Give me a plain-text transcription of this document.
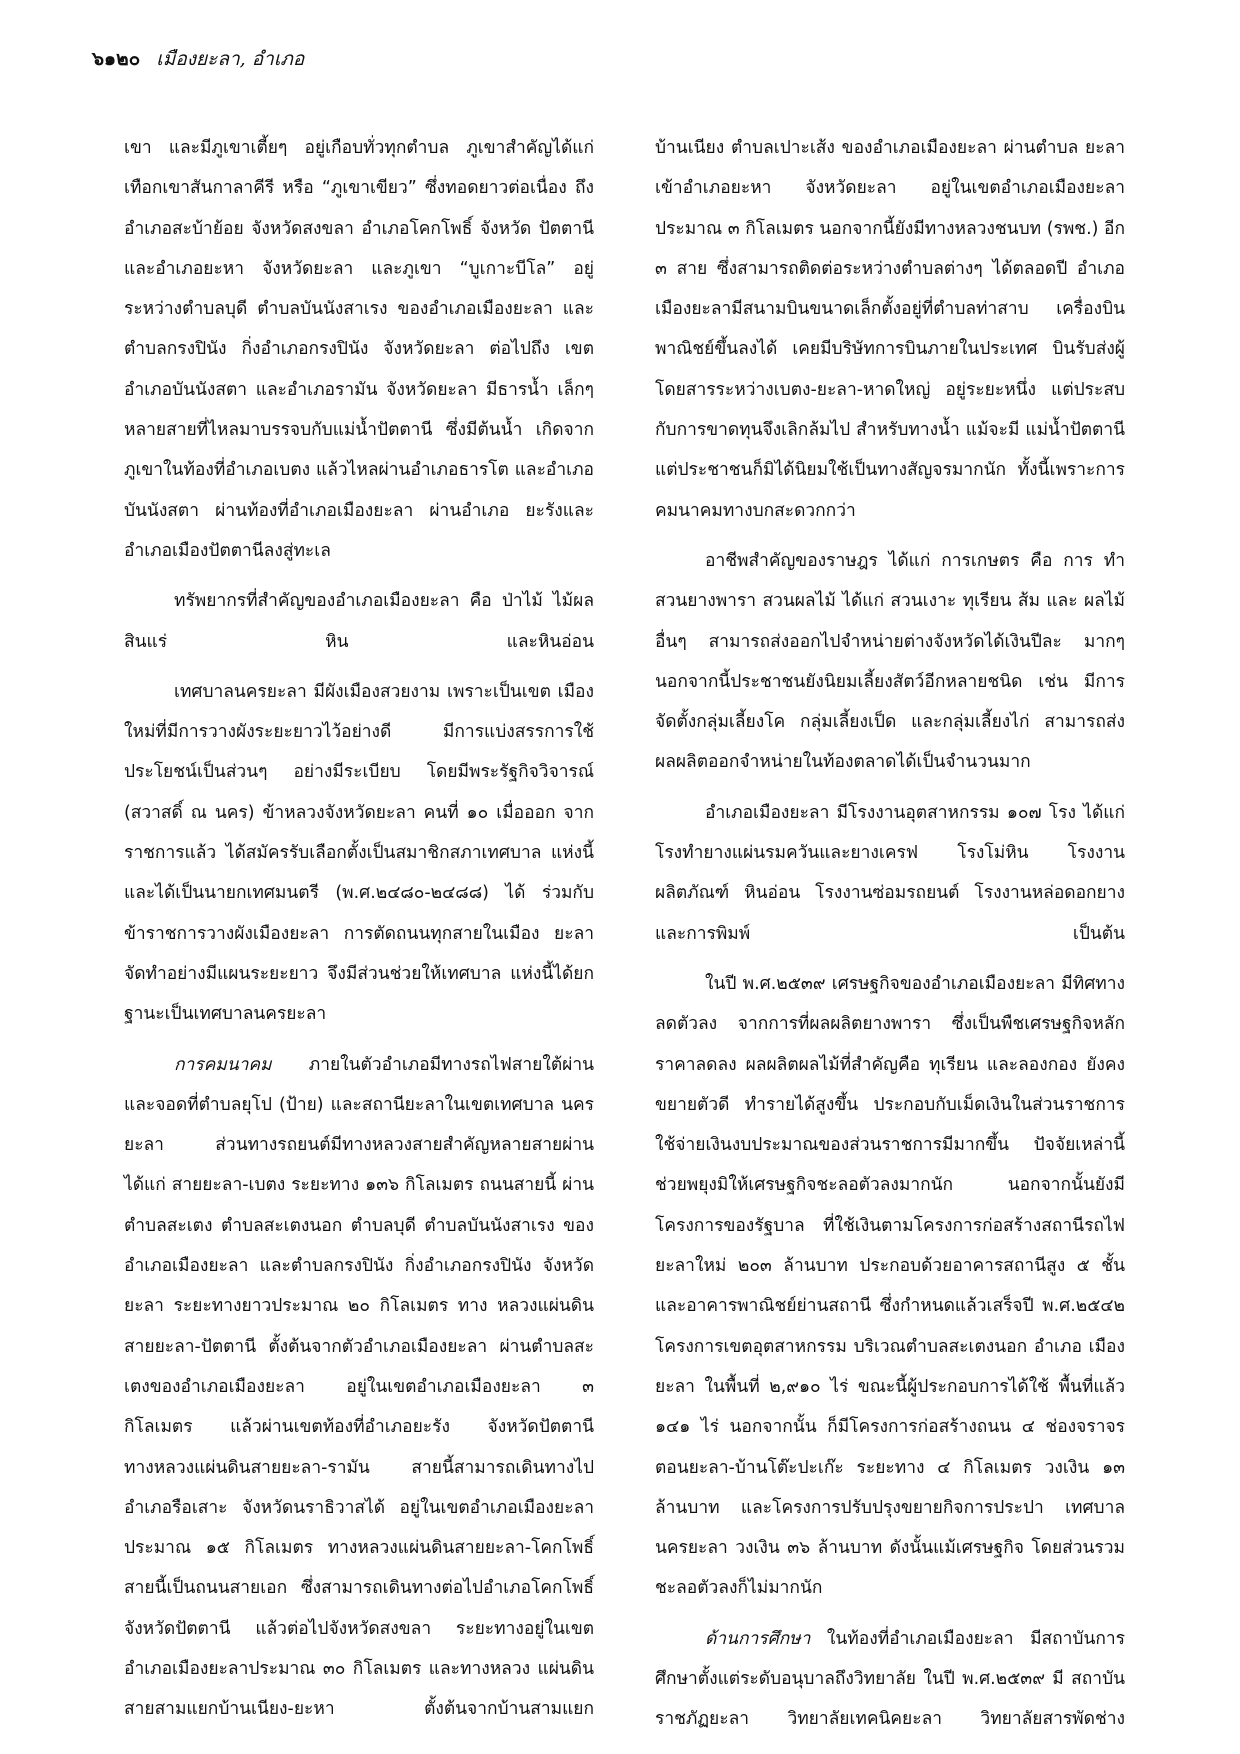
๖๑๒๐ เมืองยะลา, อำเภอ

เขา และมีภูเขาเตี้ยๆ อยู่เกือบทั่วทุกตำบล ภูเขาสำคัญได้แก่ เทือกเขาสันกาลาคีรี หรือ “ภูเขาเขียว” ซึ่งทอดยาวต่อเนื่อง ถึงอำเภอสะบ้าย้อย จังหวัดสงขลา อำเภอโคกโพธิ์ จังหวัด ปัตตานี และอำเภอยะหา จังหวัดยะลา และภูเขา “บูเกาะบีโล” อยู่ระหว่างตำบลบุดี ตำบลบันนังสาเรง ของอำเภอเมืองยะลา และตำบลกรงปินัง กิ่งอำเภอกรงปินัง จังหวัดยะลา ต่อไปถึง เขตอำเภอบันนังสตา และอำเภอรามัน จังหวัดยะลา มีธารน้ำ เล็กๆ หลายสายที่ไหลมาบรรจบกับแม่น้ำปัตตานี ซึ่งมีต้นน้ำ เกิดจากภูเขาในท้องที่อำเภอเบตง แล้วไหลผ่านอำเภอธารโต และอำเภอบันนังสตา ผ่านท้องที่อำเภอเมืองยะลา ผ่านอำเภอ ยะรังและอำเภอเมืองปัตตานีลงสู่ทะเล

ทรัพยากรที่สำคัญของอำเภอเมืองยะลา คือ ป่าไม้ ไม้ผล สินแร่ หิน และหินอ่อน

เทศบาลนครยะลา มีผังเมืองสวยงาม เพราะเป็นเขต เมืองใหม่ที่มีการวางผังระยะยาวไว้อย่างดี มีการแบ่งสรรการใช้ ประโยชน์เป็นส่วนๆ อย่างมีระเบียบ โดยมีพระรัฐกิจวิจารณ์ (สวาสดิ์ ณ นคร) ข้าหลวงจังหวัดยะลา คนที่ ๑๐ เมื่อออก จากราชการแล้ว ได้สมัครรับเลือกตั้งเป็นสมาชิกสภาเทศบาล แห่งนี้ และได้เป็นนายกเทศมนตรี (พ.ศ.๒๔๘๐-๒๔๘๘) ได้ ร่วมกับข้าราชการวางผังเมืองยะลา การตัดถนนทุกสายในเมือง ยะลา จัดทำอย่างมีแผนระยะยาว จึงมีส่วนช่วยให้เทศบาล แห่งนี้ได้ยกฐานะเป็นเทศบาลนครยะลา

การคมนาคม ภายในตัวอำเภอมีทางรถไฟสายใต้ผ่าน และจอดที่ตำบลยุโป (ป้าย) และสถานียะลาในเขตเทศบาล นครยะลา ส่วนทางรถยนต์มีทางหลวงสายสำคัญหลายสายผ่าน ได้แก่ สายยะลา-เบตง ระยะทาง ๑๓๖ กิโลเมตร ถนนสายนี้ ผ่านตำบลสะเตง ตำบลสะเตงนอก ตำบลบุดี ตำบลบันนังสาเรง ของอำเภอเมืองยะลา และตำบลกรงปินัง กิ่งอำเภอกรงปินัง จังหวัดยะลา ระยะทางยาวประมาณ ๒๐ กิโลเมตร ทาง หลวงแผ่นดินสายยะลา-ปัตตานี ตั้งต้นจากตัวอำเภอเมืองยะลา ผ่านตำบลสะเตงของอำเภอเมืองยะลา อยู่ในเขตอำเภอเมืองยะลา ๓ กิโลเมตร แล้วผ่านเขตท้องที่อำเภอยะรัง จังหวัดปัตตานี ทางหลวงแผ่นดินสายยะลา-รามัน สายนี้สามารถเดินทางไป อำเภอรือเสาะ จังหวัดนราธิวาสได้ อยู่ในเขตอำเภอเมืองยะลา ประมาณ ๑๕ กิโลเมตร ทางหลวงแผ่นดินสายยะลา-โคกโพธิ์ สายนี้เป็นถนนสายเอก ซึ่งสามารถเดินทางต่อไปอำเภอโคกโพธิ์ จังหวัดปัตตานี แล้วต่อไปจังหวัดสงขลา ระยะทางอยู่ในเขต อำเภอเมืองยะลาประมาณ ๓๐ กิโลเมตร และทางหลวง แผ่นดินสายสามแยกบ้านเนียง-ยะหา ตั้งต้นจากบ้านสามแยก

บ้านเนียง ตำบลเปาะเส้ง ของอำเภอเมืองยะลา ผ่านตำบล ยะลาเข้าอำเภอยะหา จังหวัดยะลา อยู่ในเขตอำเภอเมืองยะลา ประมาณ ๓ กิโลเมตร นอกจากนี้ยังมีทางหลวงชนบท (รพช.) อีก ๓ สาย ซึ่งสามารถติดต่อระหว่างตำบลต่างๆ ได้ตลอดปี อำเภอเมืองยะลามีสนามบินขนาดเล็กตั้งอยู่ที่ตำบลท่าสาบ เครื่องบินพาณิชย์ขึ้นลงได้ เคยมีบริษัทการบินภายในประเทศ บินรับส่งผู้โดยสารระหว่างเบตง-ยะลา-หาดใหญ่ อยู่ระยะหนึ่ง แต่ประสบกับการขาดทุนจึงเลิกล้มไป สำหรับทางน้ำ แม้จะมี แม่น้ำปัตตานี แต่ประชาชนก็มิได้นิยมใช้เป็นทางสัญจรมากนัก ทั้งนี้เพราะการคมนาคมทางบกสะดวกกว่า

อาชีพสำคัญของราษฎร ได้แก่ การเกษตร คือ การ ทำสวนยางพารา สวนผลไม้ ได้แก่ สวนเงาะ ทุเรียน ส้ม และ ผลไม้อื่นๆ สามารถส่งออกไปจำหน่ายต่างจังหวัดได้เงินปีละ มากๆ นอกจากนี้ประชาชนยังนิยมเลี้ยงสัตว์อีกหลายชนิด เช่น มีการจัดตั้งกลุ่มเลี้ยงโค กลุ่มเลี้ยงเป็ด และกลุ่มเลี้ยงไก่ สามารถส่งผลผลิตออกจำหน่ายในท้องตลาดได้เป็นจำนวนมาก

อำเภอเมืองยะลา มีโรงงานอุตสาหกรรม ๑๐๗ โรง ได้แก่ โรงทำยางแผ่นรมควันและยางเครฟ โรงโม่หิน โรงงานผลิตภัณฑ์ หินอ่อน โรงงานซ่อมรถยนต์ โรงงานหล่อดอกยาง และการพิมพ์ เป็นต้น

ในปี พ.ศ.๒๕๓๙ เศรษฐกิจของอำเภอเมืองยะลา มีทิศทาง ลดตัวลง จากการที่ผลผลิตยางพารา ซึ่งเป็นพืชเศรษฐกิจหลัก ราคาลดลง ผลผลิตผลไม้ที่สำคัญคือ ทุเรียน และลองกอง ยังคงขยายตัวดี ทำรายได้สูงขึ้น ประกอบกับเม็ดเงินในส่วนราชการ ใช้จ่ายเงินงบประมาณของส่วนราชการมีมากขึ้น ปัจจัยเหล่านี้ ช่วยพยุงมิให้เศรษฐกิจชะลอตัวลงมากนัก นอกจากนั้นยังมี โครงการของรัฐบาล ที่ใช้เงินตามโครงการก่อสร้างสถานีรถไฟ ยะลาใหม่ ๒๐๓ ล้านบาท ประกอบด้วยอาคารสถานีสูง ๕ ชั้น และอาคารพาณิชย์ย่านสถานี ซึ่งกำหนดแล้วเสร็จปี พ.ศ.๒๕๔๒ โครงการเขตอุตสาหกรรม บริเวณตำบลสะเตงนอก อำเภอ เมืองยะลา ในพื้นที่ ๒,๙๑๐ ไร่ ขณะนี้ผู้ประกอบการได้ใช้ พื้นที่แล้ว ๑๔๑ ไร่ นอกจากนั้น ก็มีโครงการก่อสร้างถนน ๔ ช่องจราจร ตอนยะลา-บ้านโต๊ะปะเก๊ะ ระยะทาง ๔ กิโลเมตร วงเงิน ๑๓ ล้านบาท และโครงการปรับปรุงขยายกิจการประปา เทศบาลนครยะลา วงเงิน ๓๖ ล้านบาท ดังนั้นแม้เศรษฐกิจ โดยส่วนรวมชะลอตัวลงก็ไม่มากนัก

ด้านการศึกษา ในท้องที่อำเภอเมืองยะลา มีสถาบันการ ศึกษาตั้งแต่ระดับอนุบาลถึงวิทยาลัย ในปี พ.ศ.๒๕๓๙ มี สถาบันราชภัฏยะลา วิทยาลัยเทคนิคยะลา วิทยาลัยสารพัดช่าง
